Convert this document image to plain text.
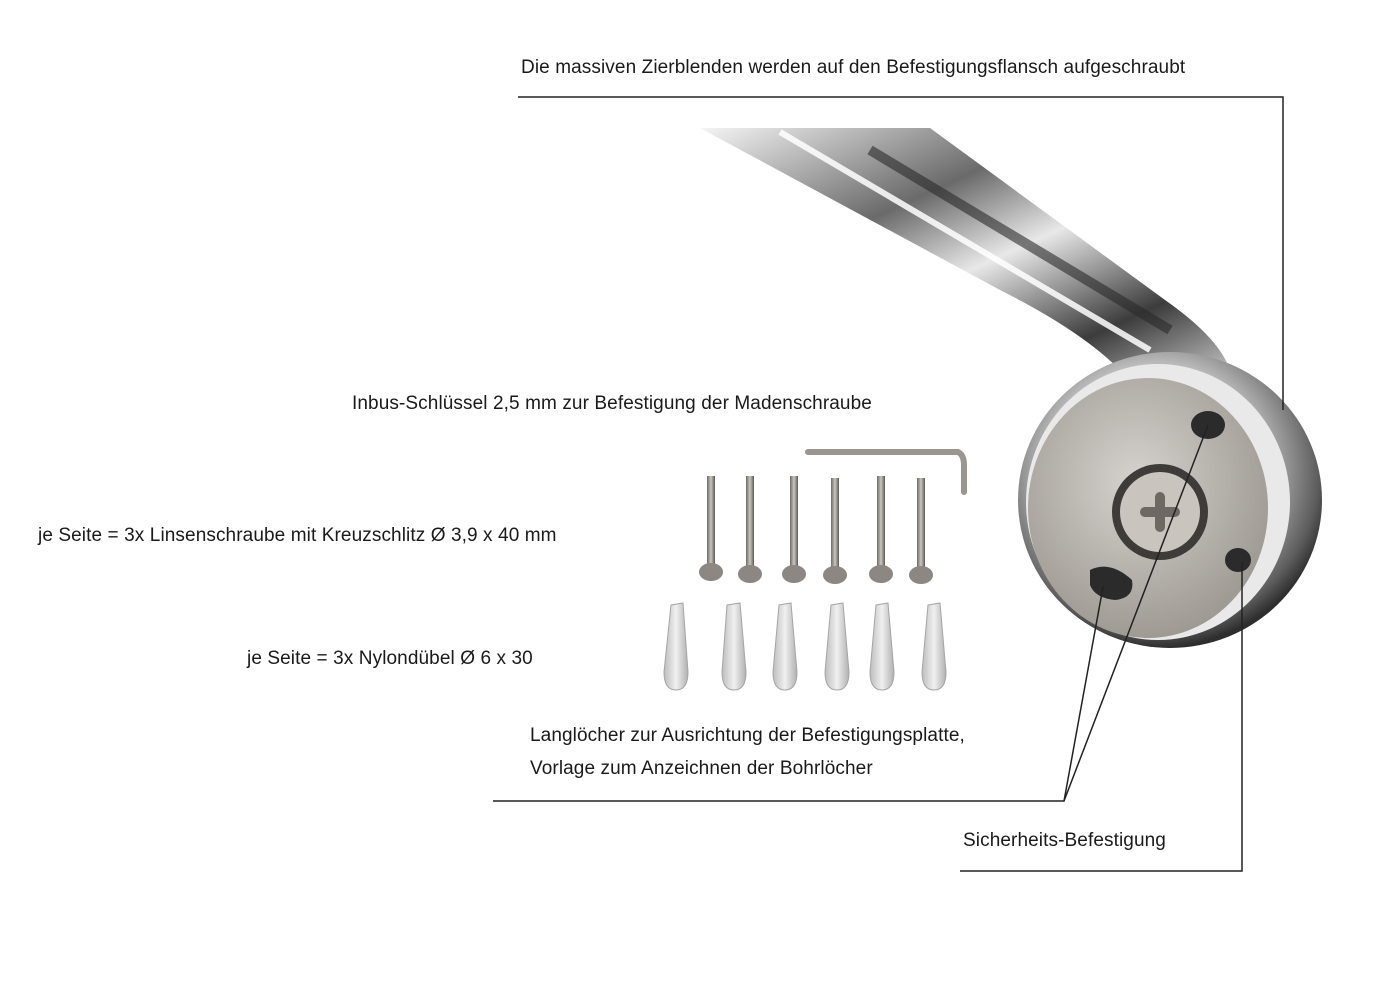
Die massiven Zierblenden werden auf den Befestigungsflansch aufgeschraubt
Inbus-Schlüssel 2,5 mm zur Befestigung der Madenschraube
je Seite = 3x Linsenschraube mit Kreuzschlitz Ø 3,9 x 40 mm
je Seite = 3x Nylondübel Ø 6 x 30
Langlöcher zur Ausrichtung der Befestigungsplatte,
Vorlage zum Anzeichnen der Bohrlöcher
Sicherheits-Befestigung
